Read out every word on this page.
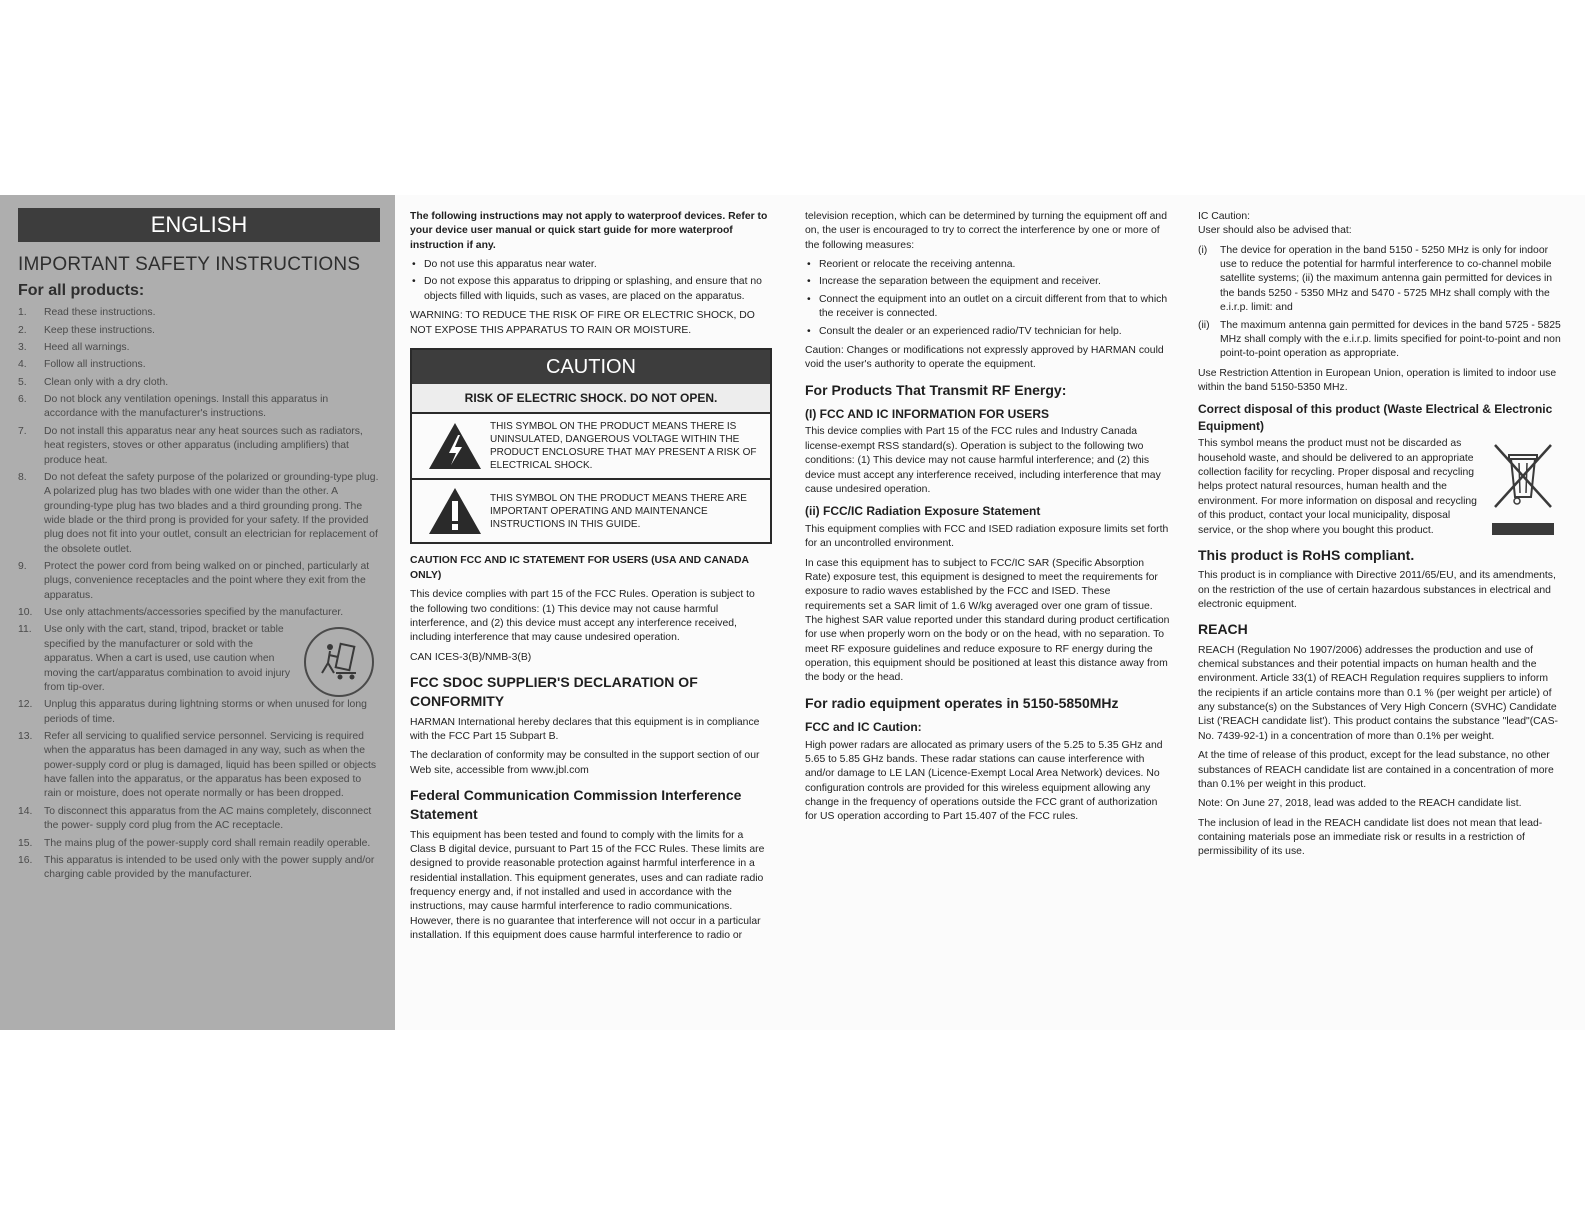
ENGLISH
IMPORTANT SAFETY INSTRUCTIONS
For all products:
1. Read these instructions.
2. Keep these instructions.
3. Heed all warnings.
4. Follow all instructions.
5. Clean only with a dry cloth.
6. Do not block any ventilation openings. Install this apparatus in accordance with the manufacturer's instructions.
7. Do not install this apparatus near any heat sources such as radiators, heat registers, stoves or other apparatus (including amplifiers) that produce heat.
8. Do not defeat the safety purpose of the polarized or grounding-type plug. A polarized plug has two blades with one wider than the other. A grounding-type plug has two blades and a third grounding prong. The wide blade or the third prong is provided for your safety. If the provided plug does not fit into your outlet, consult an electrician for replacement of the obsolete outlet.
9. Protect the power cord from being walked on or pinched, particularly at plugs, convenience receptacles and the point where they exit from the apparatus.
10. Use only attachments/accessories specified by the manufacturer.
11. Use only with the cart, stand, tripod, bracket or table specified by the manufacturer or sold with the apparatus. When a cart is used, use caution when moving the cart/apparatus combination to avoid injury from tip-over.
12. Unplug this apparatus during lightning storms or when unused for long periods of time.
13. Refer all servicing to qualified service personnel. Servicing is required when the apparatus has been damaged in any way, such as when the power-supply cord or plug is damaged, liquid has been spilled or objects have fallen into the apparatus, or the apparatus has been exposed to rain or moisture, does not operate normally or has been dropped.
14. To disconnect this apparatus from the AC mains completely, disconnect the power- supply cord plug from the AC receptacle.
15. The mains plug of the power-supply cord shall remain readily operable.
16. This apparatus is intended to be used only with the power supply and/or charging cable provided by the manufacturer.

The following instructions may not apply to waterproof devices. Refer to your device user manual or quick start guide for more waterproof instruction if any.

• Do not use this apparatus near water.
• Do not expose this apparatus to dripping or splashing, and ensure that no objects filled with liquids, such as vases, are placed on the apparatus.

WARNING: TO REDUCE THE RISK OF FIRE OR ELECTRIC SHOCK, DO NOT EXPOSE THIS APPARATUS TO RAIN OR MOISTURE.

CAUTION
RISK OF ELECTRIC SHOCK. DO NOT OPEN.
THIS SYMBOL ON THE PRODUCT MEANS THERE IS UNINSULATED, DANGEROUS VOLTAGE WITHIN THE PRODUCT ENCLOSURE THAT MAY PRESENT A RISK OF ELECTRICAL SHOCK.
THIS SYMBOL ON THE PRODUCT MEANS THERE ARE IMPORTANT OPERATING AND MAINTENANCE INSTRUCTIONS IN THIS GUIDE.

CAUTION FCC AND IC STATEMENT FOR USERS (USA AND CANADA ONLY)

This device complies with part 15 of the FCC Rules. Operation is subject to the following two conditions: (1) This device may not cause harmful interference, and (2) this device must accept any interference received, including interference that may cause undesired operation.

CAN ICES-3(B)/NMB-3(B)

FCC SDOC SUPPLIER'S DECLARATION OF CONFORMITY

HARMAN International hereby declares that this equipment is in compliance with the FCC Part 15 Subpart B.

The declaration of conformity may be consulted in the support section of our Web site, accessible from www.jbl.com

Federal Communication Commission Interference Statement

This equipment has been tested and found to comply with the limits for a Class B digital device, pursuant to Part 15 of the FCC Rules. These limits are designed to provide reasonable protection against harmful interference in a residential installation. This equipment generates, uses and can radiate radio frequency energy and, if not installed and used in accordance with the instructions, may cause harmful interference to radio communications. However, there is no guarantee that interference will not occur in a particular installation. If this equipment does cause harmful interference to radio or

television reception, which can be determined by turning the equipment off and on, the user is encouraged to try to correct the interference by one or more of the following measures:

• Reorient or relocate the receiving antenna.
• Increase the separation between the equipment and receiver.
• Connect the equipment into an outlet on a circuit different from that to which the receiver is connected.
• Consult the dealer or an experienced radio/TV technician for help.

Caution: Changes or modifications not expressly approved by HARMAN could void the user's authority to operate the equipment.

For Products That Transmit RF Energy:
(I) FCC AND IC INFORMATION FOR USERS

This device complies with Part 15 of the FCC rules and Industry Canada license-exempt RSS standard(s). Operation is subject to the following two conditions: (1) This device may not cause harmful interference; and (2) this device must accept any interference received, including interference that may cause undesired operation.

(ii) FCC/IC Radiation Exposure Statement

This equipment complies with FCC and ISED radiation exposure limits set forth for an uncontrolled environment.

In case this equipment has to subject to FCC/IC SAR (Specific Absorption Rate) exposure test, this equipment is designed to meet the requirements for exposure to radio waves established by the FCC and ISED. These requirements set a SAR limit of 1.6 W/kg averaged over one gram of tissue. The highest SAR value reported under this standard during product certification for use when properly worn on the body or on the head, with no separation. To meet RF exposure guidelines and reduce exposure to RF energy during the operation, this equipment should be positioned at least this distance away from the body or the head.

For radio equipment operates in 5150-5850MHz
FCC and IC Caution:

High power radars are allocated as primary users of the 5.25 to 5.35 GHz and 5.65 to 5.85 GHz bands. These radar stations can cause interference with and/or damage to LE LAN (Licence-Exempt Local Area Network) devices. No configuration controls are provided for this wireless equipment allowing any change in the frequency of operations outside the FCC grant of authorization for US operation according to Part 15.407 of the FCC rules.

IC Caution:

User should also be advised that:

(i) The device for operation in the band 5150 - 5250 MHz is only for indoor use to reduce the potential for harmful interference to co-channel mobile satellite systems; (ii) the maximum antenna gain permitted for devices in the bands 5250 - 5350 MHz and 5470 - 5725 MHz shall comply with the e.i.r.p. limit: and
(ii) The maximum antenna gain permitted for devices in the band 5725 - 5825 MHz shall comply with the e.i.r.p. limits specified for point-to-point and non point-to-point operation as appropriate.

Use Restriction Attention in European Union, operation is limited to indoor use within the band 5150-5350 MHz.

Correct disposal of this product (Waste Electrical & Electronic Equipment)
This symbol means the product must not be discarded as household waste, and should be delivered to an appropriate collection facility for recycling. Proper disposal and recycling helps protect natural resources, human health and the environment. For more information on disposal and recycling of this product, contact your local municipality, disposal service, or the shop where you bought this product.
This product is RoHS compliant.

This product is in compliance with Directive 2011/65/EU, and its amendments, on the restriction of the use of certain hazardous substances in electrical and electronic equipment.

REACH

REACH (Regulation No 1907/2006) addresses the production and use of chemical substances and their potential impacts on human health and the environment. Article 33(1) of REACH Regulation requires suppliers to inform the recipients if an article contains more than 0.1 % (per weight per article) of any substance(s) on the Substances of Very High Concern (SVHC) Candidate List ('REACH candidate list'). This product contains the substance "lead"(CAS-No. 7439-92-1) in a concentration of more than 0.1% per weight.

At the time of release of this product, except for the lead substance, no other substances of REACH candidate list are contained in a concentration of more than 0.1% per weight in this product.

Note: On June 27, 2018, lead was added to the REACH candidate list.

The inclusion of lead in the REACH candidate list does not mean that lead-containing materials pose an immediate risk or results in a restriction of permissibility of its use.
